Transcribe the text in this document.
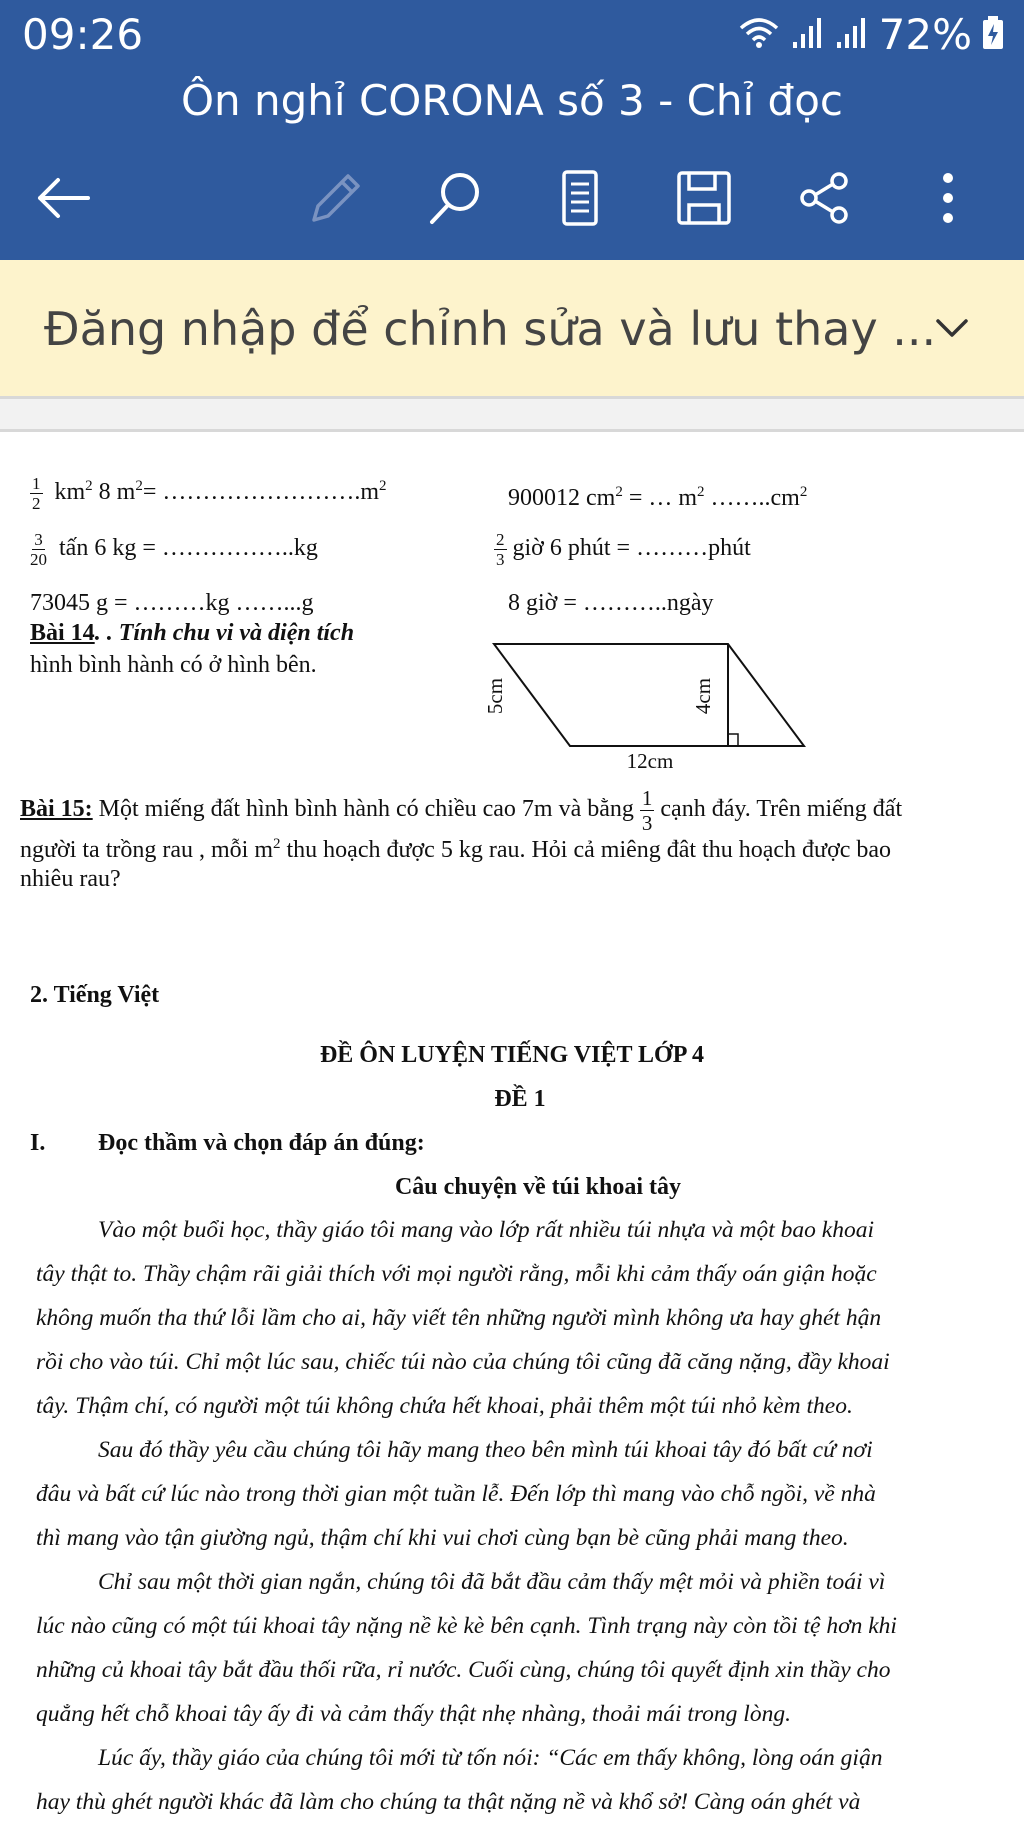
09:26	72%
Ôn nghỉ CORONA số 3 - Chỉ đọc
Đăng nhập để chỉnh sửa và lưu thay ...
$\frac{1}{2} km^2$ 8 $m^2=$ $\dots\dots\dots\dots\dots\dots\dots\dots.m^2$	900012 $cm^2$ = … $m^2$ $\dots\dots..cm^2$
$\frac{3}{20}$ tấn 6 kg = ……………..kg	$\frac{2}{3}$ giờ 6 phút = ………phút
73045 g = ………kg ……...g	8 giờ = ………..ngày
Bài 14. . Tính chu vi và diện tích
hình bình hành có ở hình bên.
5cm	4cm
12cm
Bài 15: Một miếng đất hình bình hành có chiều cao 7m và bằng $\frac{1}{3}$ cạnh đáy. Trên miếng đất
người ta trồng rau , mỗi $m^2$ thu hoạch được 5 kg rau. Hỏi cả miêng đât thu hoạch được bao
nhiêu rau?
2. Tiếng Việt
ĐỀ ÔN LUYỆN TIẾNG VIỆT LỚP 4
ĐỀ 1
I. Đọc thầm và chọn đáp án đúng:
Câu chuyện về túi khoai tây
Vào một buổi học, thầy giáo tôi mang vào lớp rất nhiều túi nhựa và một bao khoai
tây thật to. Thầy chậm rãi giải thích với mọi người rằng, mỗi khi cảm thấy oán giận hoặc
không muốn tha thứ lỗi lầm cho ai, hãy viết tên những người mình không ưa hay ghét hận
rồi cho vào túi. Chỉ một lúc sau, chiếc túi nào của chúng tôi cũng đã căng nặng, đầy khoai
tây. Thậm chí, có người một túi không chứa hết khoai, phải thêm một túi nhỏ kèm theo.
Sau đó thầy yêu cầu chúng tôi hãy mang theo bên mình túi khoai tây đó bất cứ nơi
đâu và bất cứ lúc nào trong thời gian một tuần lễ. Đến lớp thì mang vào chỗ ngồi, về nhà
thì mang vào tận giường ngủ, thậm chí khi vui chơi cùng bạn bè cũng phải mang theo.
Chỉ sau một thời gian ngắn, chúng tôi đã bắt đầu cảm thấy mệt mỏi và phiền toái vì
lúc nào cũng có một túi khoai tây nặng nề kè kè bên cạnh. Tình trạng này còn tồi tệ hơn khi
những củ khoai tây bắt đầu thối rữa, rỉ nước. Cuối cùng, chúng tôi quyết định xin thầy cho
quẳng hết chỗ khoai tây ấy đi và cảm thấy thật nhẹ nhàng, thoải mái trong lòng.
Lúc ấy, thầy giáo của chúng tôi mới từ tốn nói: “Các em thấy không, lòng oán giận
hay thù ghét người khác đã làm cho chúng ta thật nặng nề và khổ sở! Càng oán ghét và
